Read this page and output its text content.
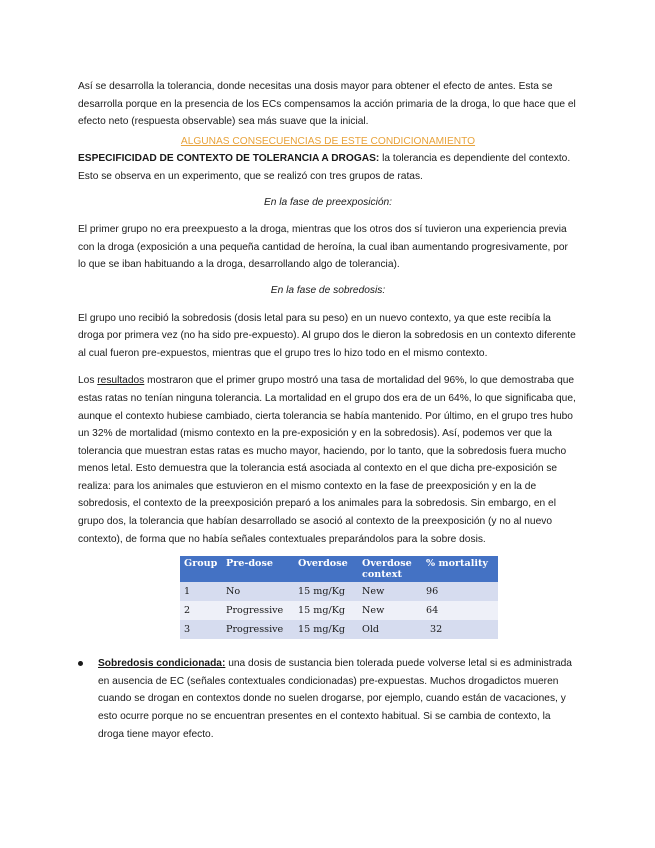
Así se desarrolla la tolerancia, donde necesitas una dosis mayor para obtener el efecto de antes. Esta se desarrolla porque en la presencia de los ECs compensamos la acción primaria de la droga, lo que hace que el efecto neto (respuesta observable) sea más suave que la inicial.

ALGUNAS CONSECUENCIAS DE ESTE CONDICIONAMIENTO

ESPECIFICIDAD DE CONTEXTO DE TOLERANCIA A DROGAS: la tolerancia es dependiente del contexto. Esto se observa en un experimento, que se realizó con tres grupos de ratas.

En la fase de preexposición:

El primer grupo no era preexpuesto a la droga, mientras que los otros dos sí tuvieron una experiencia previa con la droga (exposición a una pequeña cantidad de heroína, la cual iban aumentando progresivamente, por lo que se iban habituando a la droga, desarrollando algo de tolerancia).

En la fase de sobredosis:

El grupo uno recibió la sobredosis (dosis letal para su peso) en un nuevo contexto, ya que este recibía la droga por primera vez (no ha sido pre-expuesto). Al grupo dos le dieron la sobredosis en un contexto diferente al cual fueron pre-expuestos, mientras que el grupo tres lo hizo todo en el mismo contexto.

Los resultados mostraron que el primer grupo mostró una tasa de mortalidad del 96%, lo que demostraba que estas ratas no tenían ninguna tolerancia. La mortalidad en el grupo dos era de un 64%, lo que significaba que, aunque el contexto hubiese cambiado, cierta tolerancia se había mantenido. Por último, en el grupo tres hubo un 32% de mortalidad (mismo contexto en la pre-exposición y en la sobredosis). Así, podemos ver que la tolerancia que muestran estas ratas es mucho mayor, haciendo, por lo tanto, que la sobredosis fuera mucho menos letal. Esto demuestra que la tolerancia está asociada al contexto en el que dicha pre-exposición se realiza: para los animales que estuvieron en el mismo contexto en la fase de preexposición y en la de sobredosis, el contexto de la preexposición preparó a los animales para la sobredosis. Sin embargo, en el grupo dos, la tolerancia que habían desarrollado se asoció al contexto de la preexposición (y no al nuevo contexto), de forma que no había señales contextuales preparándolos para la sobre dosis.

Group	Pre-dose	Overdose	Overdose context	% mortality
1	No	15 mg/Kg	New	96
2	Progressive	15 mg/Kg	New	64
3	Progressive	15 mg/Kg	Old	32

Sobredosis condicionada: una dosis de sustancia bien tolerada puede volverse letal si es administrada en ausencia de EC (señales contextuales condicionadas) pre-expuestas. Muchos drogadictos mueren cuando se drogan en contextos donde no suelen drogarse, por ejemplo, cuando están de vacaciones, y esto ocurre porque no se encuentran presentes en el contexto habitual. Si se cambia de contexto, la droga tiene mayor efecto.
